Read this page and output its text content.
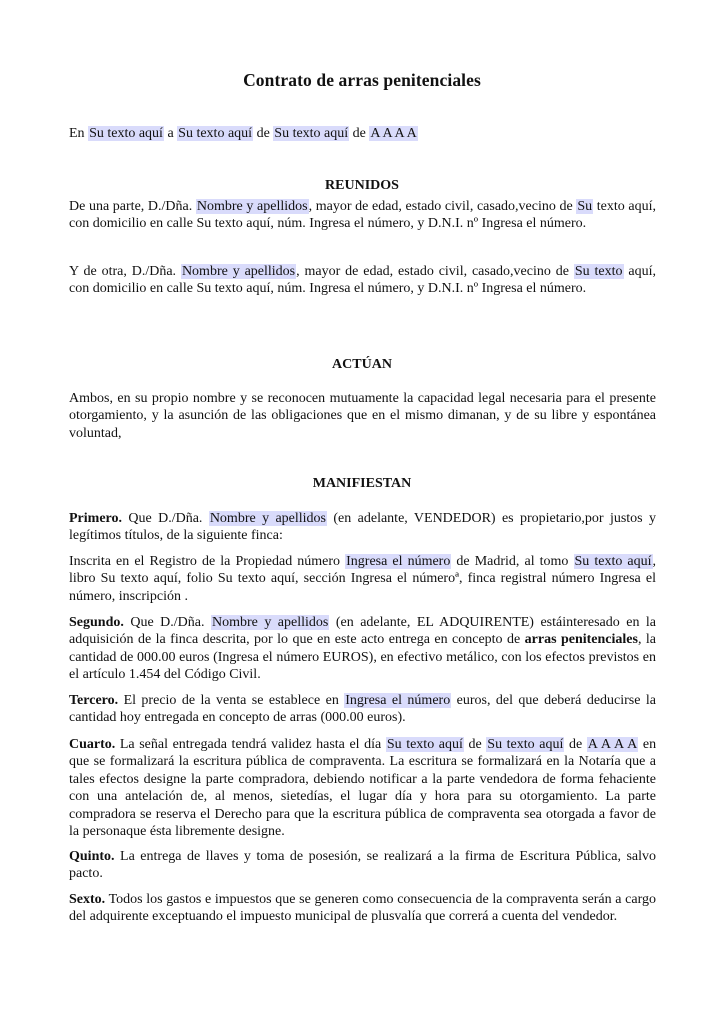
Contrato de arras penitenciales
En Su texto aquí a Su texto aquí de Su texto aquí de A A A A
REUNIDOS

De una parte, D./Dña. Nombre y apellidos, mayor de edad, estado civil, casado,vecino de Su texto aquí, con domicilio en calle Su texto aquí, núm. Ingresa el número, y D.N.I. nº Ingresa el número.

Y de otra, D./Dña. Nombre y apellidos, mayor de edad, estado civil, casado,vecino de Su texto aquí, con domicilio en calle Su texto aquí, núm. Ingresa el número, y D.N.I. nº Ingresa el número.

ACTÚAN

Ambos, en su propio nombre y se reconocen mutuamente la capacidad legal necesaria para el presente otorgamiento, y la asunción de las obligaciones que en el mismo dimanan, y de su libre y espontánea voluntad,

MANIFIESTAN

Primero. Que D./Dña. Nombre y apellidos (en adelante, VENDEDOR) es propietario,por justos y legítimos títulos, de la siguiente finca:

Inscrita en el Registro de la Propiedad número Ingresa el número de Madrid, al tomo Su texto aquí, libro Su texto aquí, folio Su texto aquí, sección Ingresa el númeroª, finca registral número Ingresa el número, inscripción .

Segundo. Que D./Dña. Nombre y apellidos (en adelante, EL ADQUIRENTE) estáinteresado en la adquisición de la finca descrita, por lo que en este acto entrega en concepto de arras penitenciales, la cantidad de 000.00 euros (Ingresa el número EUROS), en efectivo metálico, con los efectos previstos en el artículo 1.454 del Código Civil.

Tercero. El precio de la venta se establece en Ingresa el número euros, del que deberá deducirse la cantidad hoy entregada en concepto de arras (000.00 euros).

Cuarto. La señal entregada tendrá validez hasta el día Su texto aquí de Su texto aquí de A A A A en que se formalizará la escritura pública de compraventa. La escritura se formalizará en la Notaría que a tales efectos designe la parte compradora, debiendo notificar a la parte vendedora de forma fehaciente con una antelación de, al menos, sietedías, el lugar día y hora para su otorgamiento. La parte compradora se reserva el Derecho para que la escritura pública de compraventa sea otorgada a favor de la personaque ésta libremente designe.

Quinto. La entrega de llaves y toma de posesión, se realizará a la firma de Escritura Pública, salvo pacto.

Sexto. Todos los gastos e impuestos que se generen como consecuencia de la compraventa serán a cargo del adquirente exceptuando el impuesto municipal de plusvalía que correrá a cuenta del vendedor.
